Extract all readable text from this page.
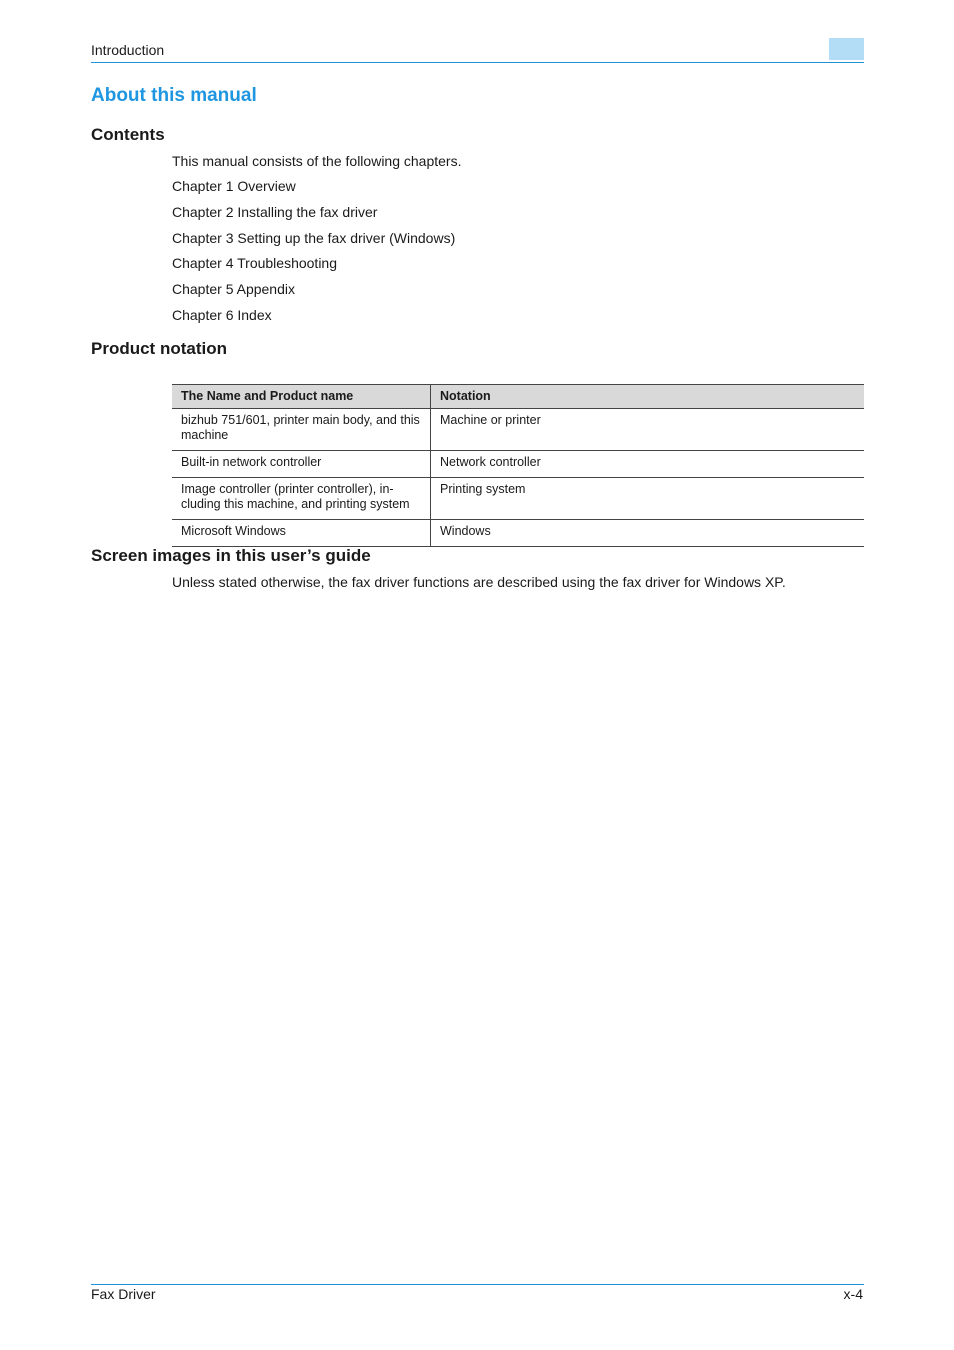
Introduction
About this manual
Contents
This manual consists of the following chapters.
Chapter 1 Overview
Chapter 2 Installing the fax driver
Chapter 3 Setting up the fax driver (Windows)
Chapter 4 Troubleshooting
Chapter 5 Appendix
Chapter 6 Index
Product notation
The Name and Product name	Notation
bizhub 751/601, printer main body, and this machine	Machine or printer
Built-in network controller	Network controller
Image controller (printer controller), in-cluding this machine, and printing system	Printing system
Microsoft Windows	Windows
Screen images in this user’s guide
Unless stated otherwise, the fax driver functions are described using the fax driver for Windows XP.
Fax Driver	x-4
